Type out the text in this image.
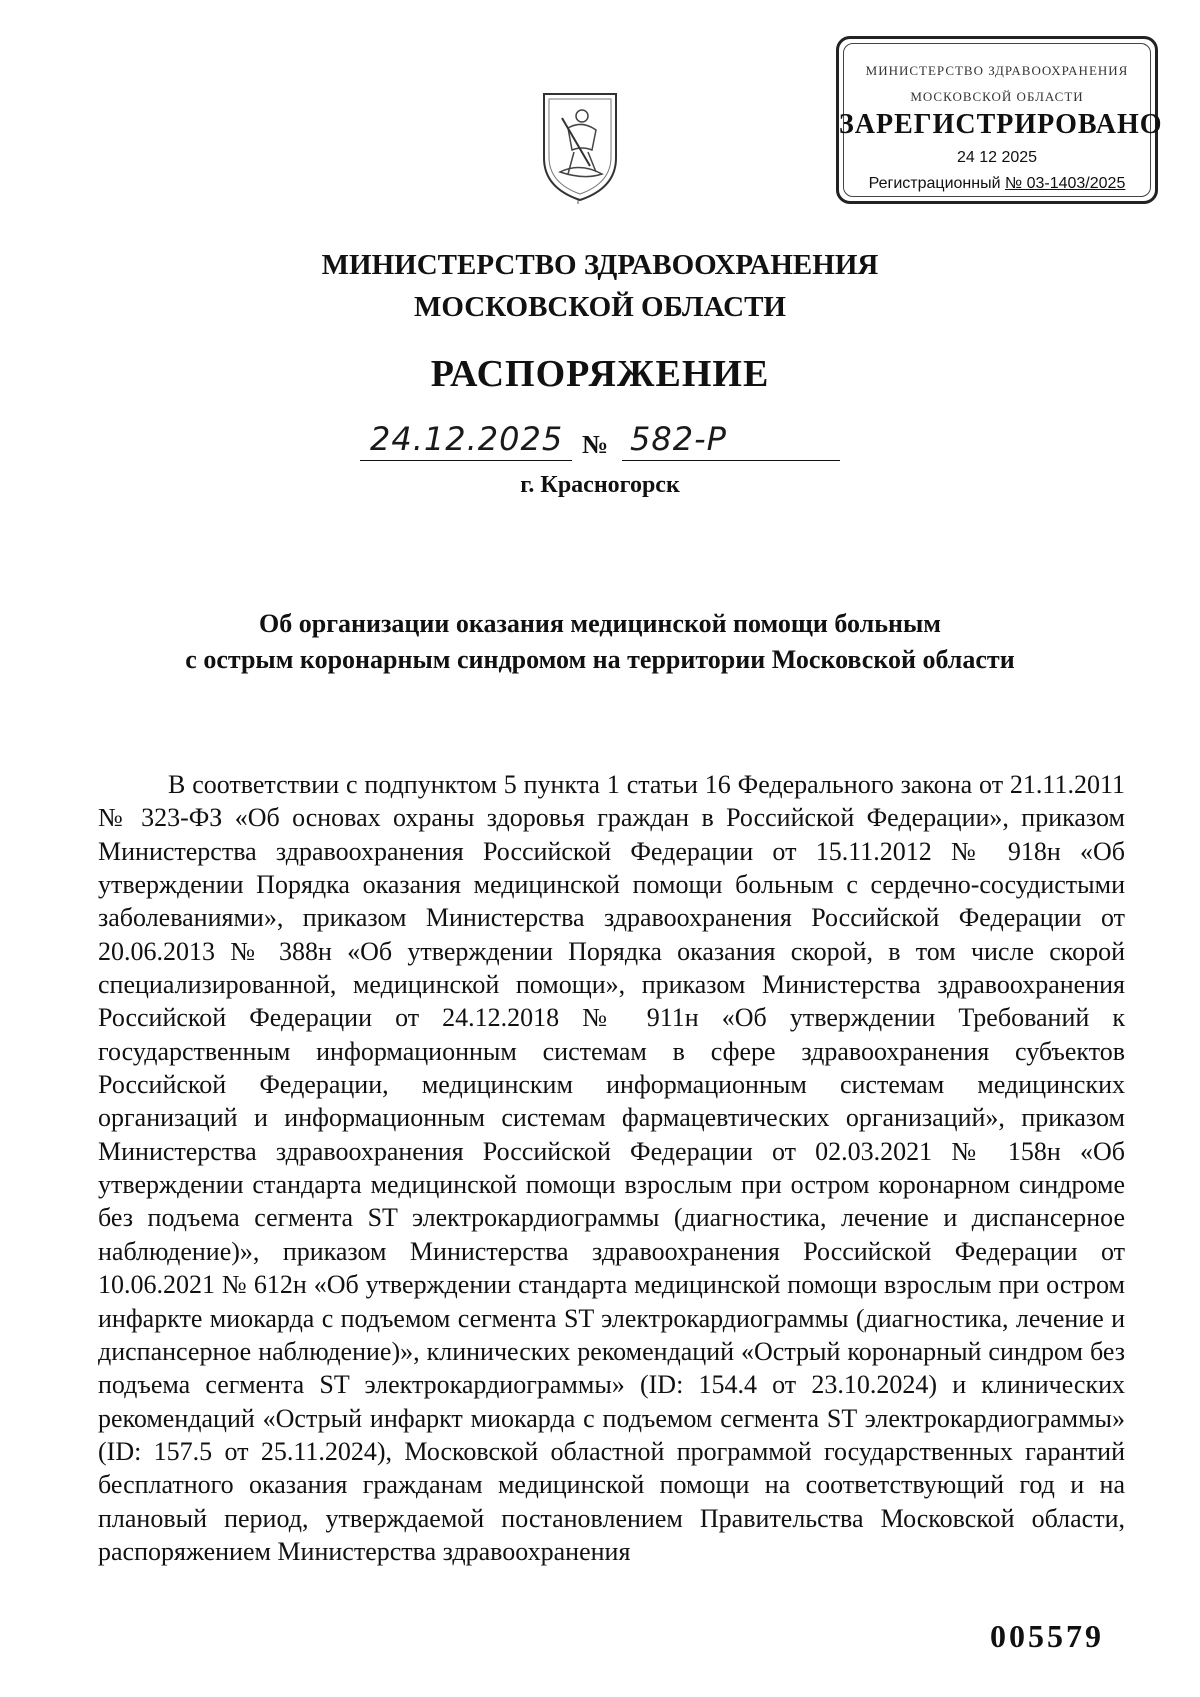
МИНИСТЕРСТВО ЗДРАВООХРАНЕНИЯ
МОСКОВСКОЙ ОБЛАСТИ
ЗАРЕГИСТРИРОВАНО
24 12 2025
Регистрационный № 03-1403/2025
МИНИСТЕРСТВО ЗДРАВООХРАНЕНИЯ
МОСКОВСКОЙ ОБЛАСТИ
РАСПОРЯЖЕНИЕ
24.12.2025 № 582-Р
г. Красногорск
Об организации оказания медицинской помощи больным
с острым коронарным синдромом на территории Московской области

В соответствии с подпунктом 5 пункта 1 статьи 16 Федерального закона от 21.11.2011 № 323-ФЗ «Об основах охраны здоровья граждан в Российской Федерации», приказом Министерства здравоохранения Российской Федерации от 15.11.2012 № 918н «Об утверждении Порядка оказания медицинской помощи больным с сердечно-сосудистыми заболеваниями», приказом Министерства здравоохранения Российской Федерации от 20.06.2013 № 388н «Об утверждении Порядка оказания скорой, в том числе скорой специализированной, медицинской помощи», приказом Министерства здравоохранения Российской Федерации от 24.12.2018 № 911н «Об утверждении Требований к государственным информационным системам в сфере здравоохранения субъектов Российской Федерации, медицинским информационным системам медицинских организаций и информационным системам фармацевтических организаций», приказом Министерства здравоохранения Российской Федерации от 02.03.2021 № 158н «Об утверждении стандарта медицинской помощи взрослым при остром коронарном синдроме без подъема сегмента ST электрокардиограммы (диагностика, лечение и диспансерное наблюдение)», приказом Министерства здравоохранения Российской Федерации от 10.06.2021 № 612н «Об утверждении стандарта медицинской помощи взрослым при остром инфаркте миокарда с подъемом сегмента ST электрокардиограммы (диагностика, лечение и диспансерное наблюдение)», клинических рекомендаций «Острый коронарный синдром без подъема сегмента ST электрокардиограммы» (ID: 154.4 от 23.10.2024) и клинических рекомендаций «Острый инфаркт миокарда с подъемом сегмента ST электрокардиограммы» (ID: 157.5 от 25.11.2024), Московской областной программой государственных гарантий бесплатного оказания гражданам медицинской помощи на соответствующий год и на плановый период, утверждаемой постановлением Правительства Московской области, распоряжением Министерства здравоохранения

005579
